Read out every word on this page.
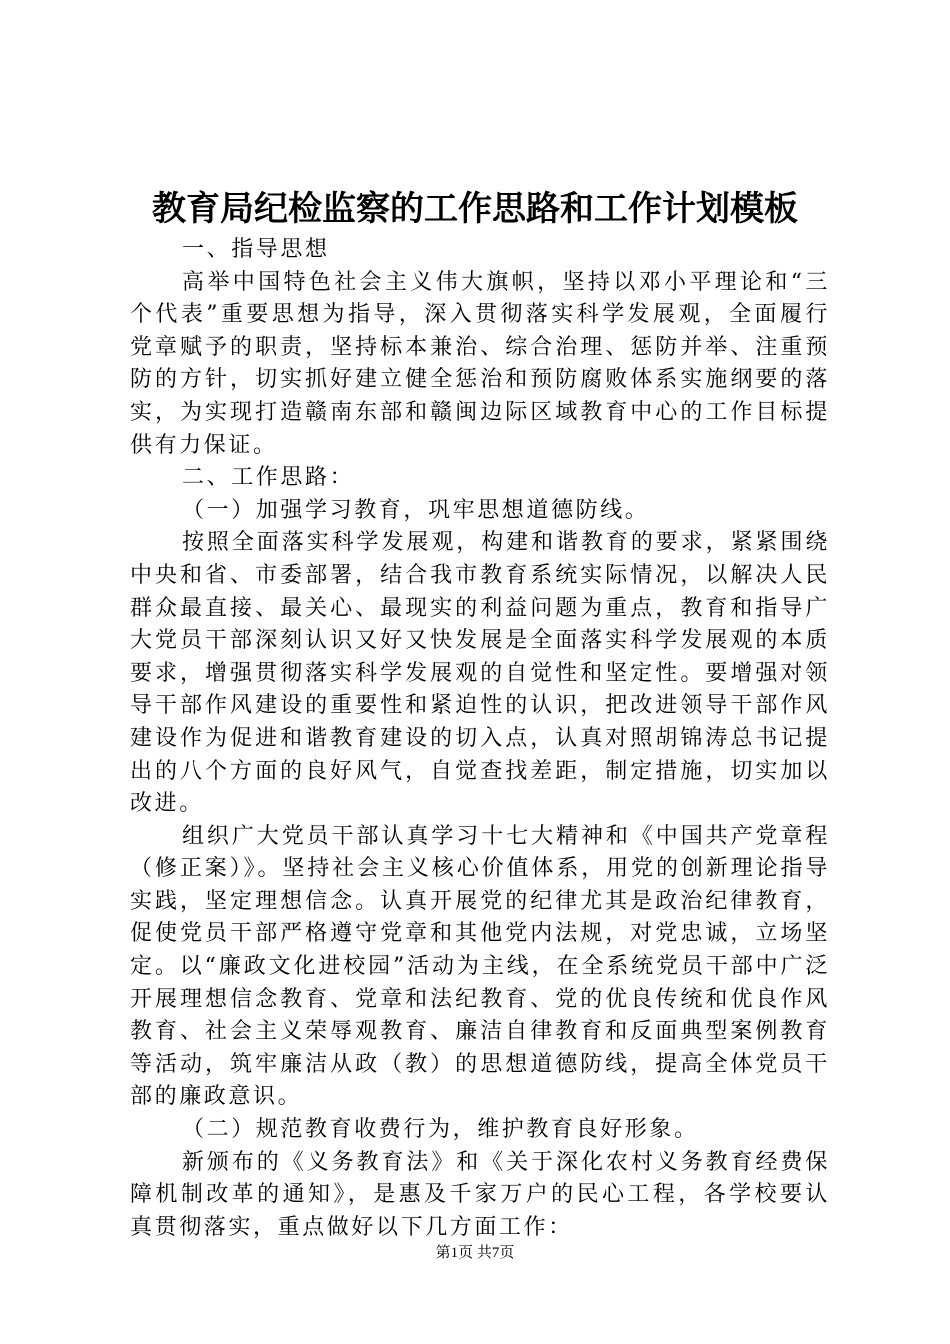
教育局纪检监察的工作思路和工作计划模板

一、指导思想

高举中国特色社会主义伟大旗帜，坚持以邓小平理论和“三个代表”重要思想为指导，深入贯彻落实科学发展观，全面履行党章赋予的职责，坚持标本兼治、综合治理、惩防并举、注重预防的方针，切实抓好建立健全惩治和预防腐败体系实施纲要的落实，为实现打造赣南东部和赣闽边际区域教育中心的工作目标提供有力保证。

二、工作思路：

（一）加强学习教育，巩牢思想道德防线。

按照全面落实科学发展观，构建和谐教育的要求，紧紧围绕中央和省、市委部署，结合我市教育系统实际情况，以解决人民群众最直接、最关心、最现实的利益问题为重点，教育和指导广大党员干部深刻认识又好又快发展是全面落实科学发展观的本质要求，增强贯彻落实科学发展观的自觉性和坚定性。要增强对领导干部作风建设的重要性和紧迫性的认识，把改进领导干部作风建设作为促进和谐教育建设的切入点，认真对照胡锦涛总书记提出的八个方面的良好风气，自觉查找差距，制定措施，切实加以改进。

组织广大党员干部认真学习十七大精神和《中国共产党章程（修正案）》。坚持社会主义核心价值体系，用党的创新理论指导实践，坚定理想信念。认真开展党的纪律尤其是政治纪律教育，促使党员干部严格遵守党章和其他党内法规，对党忠诚，立场坚定。以“廉政文化进校园”活动为主线，在全系统党员干部中广泛开展理想信念教育、党章和法纪教育、党的优良传统和优良作风教育、社会主义荣辱观教育、廉洁自律教育和反面典型案例教育等活动，筑牢廉洁从政（教）的思想道德防线，提高全体党员干部的廉政意识。

（二）规范教育收费行为，维护教育良好形象。

新颁布的《义务教育法》和《关于深化农村义务教育经费保障机制改革的通知》，是惠及千家万户的民心工程，各学校要认真贯彻落实，重点做好以下几方面工作：

第1页 共7页
